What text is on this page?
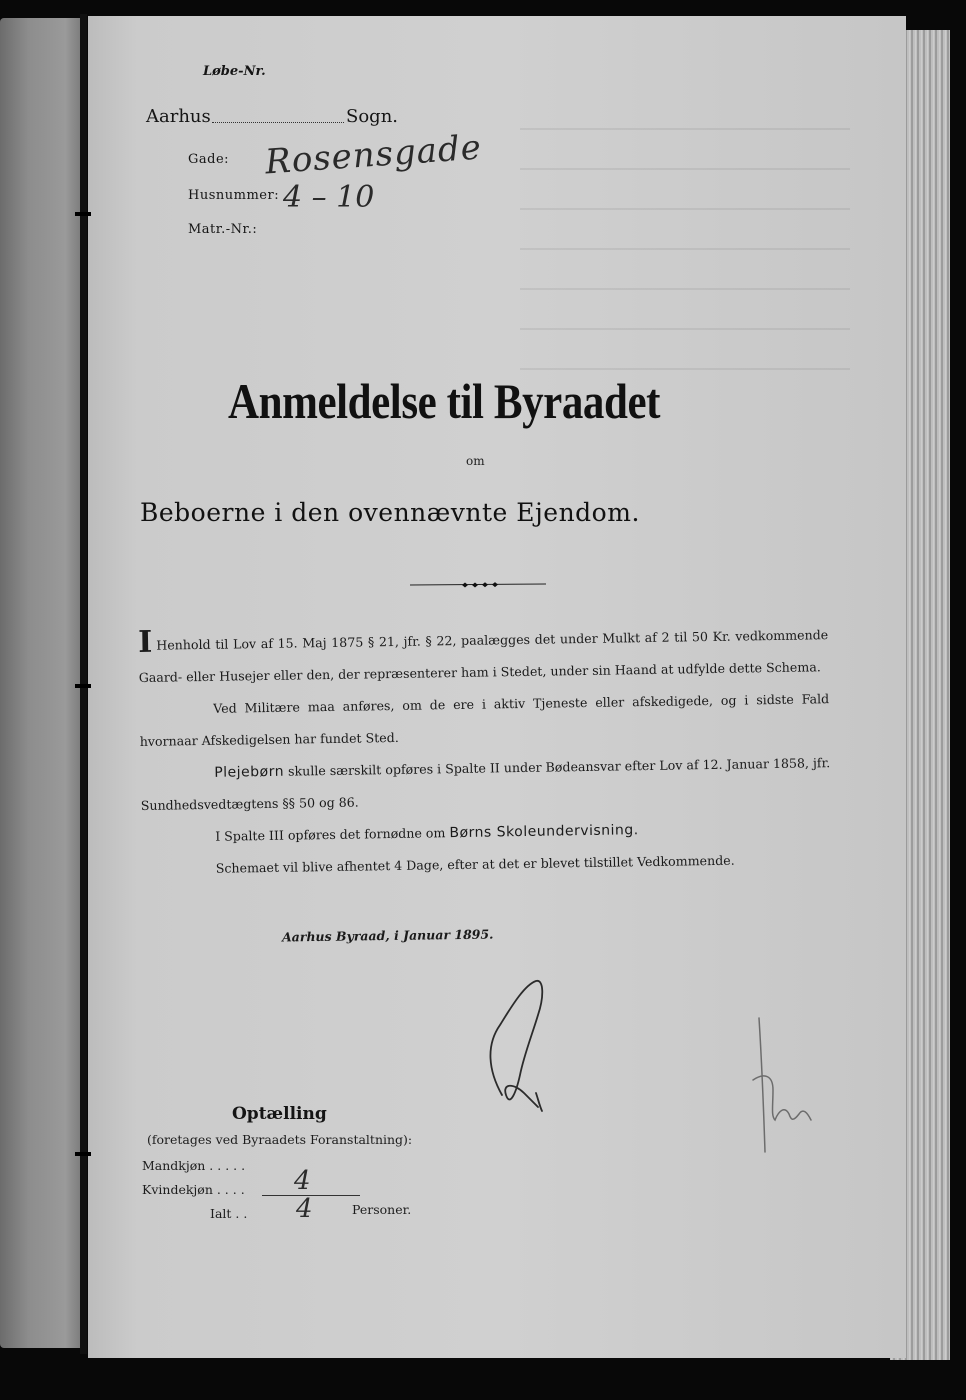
Løbe-Nr.
Aarhus	Sogn.
Gade: Rosensgade
Husnummer: 4 – 10
Matr.-Nr.:
Anmeldelse til Byraadet
om
Beboerne i den ovennævnte Ejendom.

I Henhold til Lov af 15. Maj 1875 § 21, jfr. § 22, paalægges det under Mulkt af 2 til 50 Kr. vedkommende Gaard- eller Husejer eller den, der repræsenterer ham i Stedet, under sin Haand at udfylde dette Schema.

Ved Militære maa anføres, om de ere i aktiv Tjeneste eller afskedigede, og i sidste Fald hvornaar Afskedigelsen har fundet Sted.

Plejebørn skulle særskilt opføres i Spalte II under Bødeansvar efter Lov af 12. Januar 1858, jfr. Sundhedsvedtægtens §§ 50 og 86.

I Spalte III opføres det fornødne om Børns Skoleundervisning.

Schemaet vil blive afhentet 4 Dage, efter at det er blevet tilstillet Vedkommende.

Aarhus Byraad, i Januar 1895.
Optælling
(foretages ved Byraadets Foranstaltning):
Mandkjøn . . . . .
Kvindekjøn . . . . 4
Ialt . . 4	Personer.
